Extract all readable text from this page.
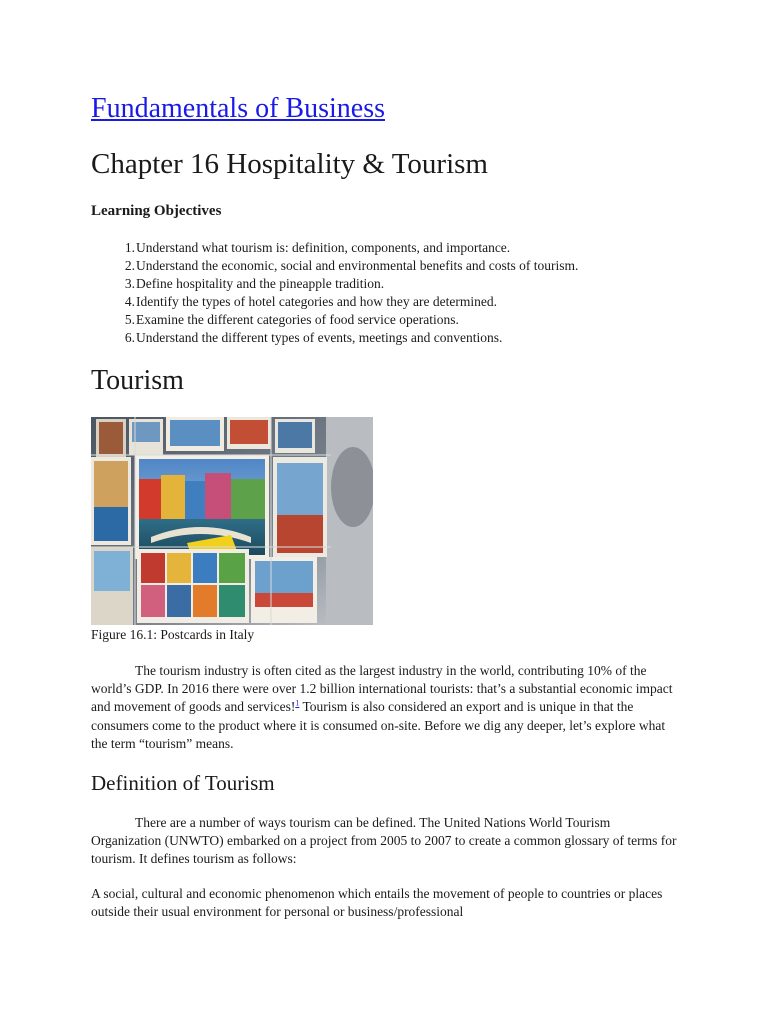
Fundamentals of Business
Chapter 16 Hospitality & Tourism
Learning Objectives
1. Understand what tourism is: definition, components, and importance.
2. Understand the economic, social and environmental benefits and costs of tourism.
3. Define hospitality and the pineapple tradition.
4. Identify the types of hotel categories and how they are determined.
5. Examine the different categories of food service operations.
6. Understand the different types of events, meetings and conventions.
Tourism

Figure 16.1: Postcards in Italy

The tourism industry is often cited as the largest industry in the world, contributing 10% of the world’s GDP. In 2016 there were over 1.2 billion international tourists: that’s a substantial economic impact and movement of goods and services!$^1$ Tourism is also considered an export and is unique in that the consumers come to the product where it is consumed on-site. Before we dig any deeper, let’s explore what the term “tourism” means.

Definition of Tourism

There are a number of ways tourism can be defined. The United Nations World Tourism Organization (UNWTO) embarked on a project from 2005 to 2007 to create a common glossary of terms for tourism. It defines tourism as follows:

A social, cultural and economic phenomenon which entails the movement of people to countries or places outside their usual environment for personal or business/professional
